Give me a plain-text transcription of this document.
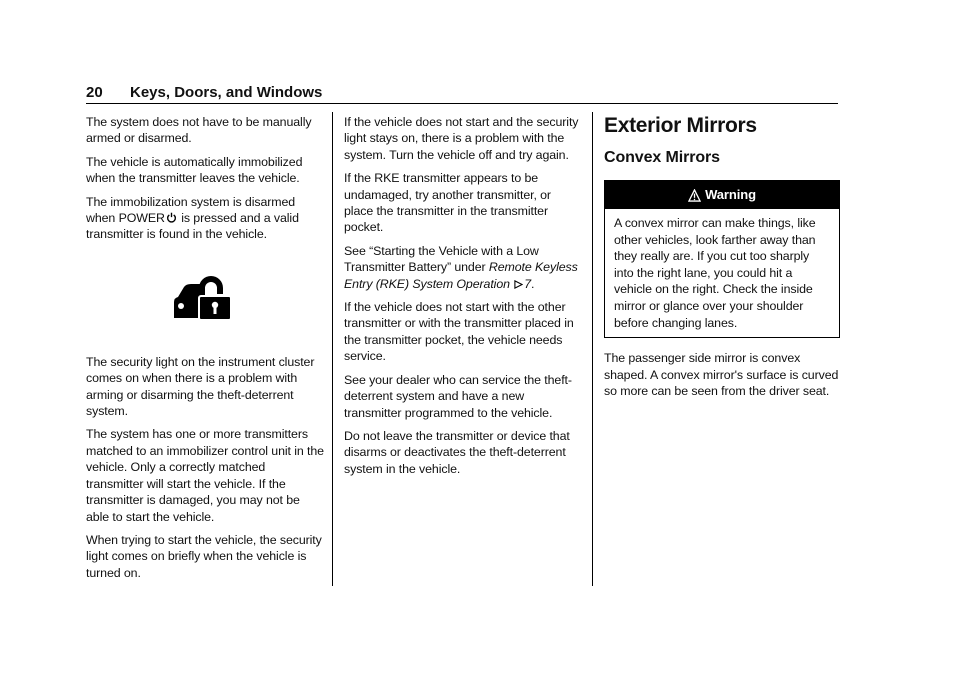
20 Keys, Doors, and Windows

The system does not have to be manually armed or disarmed.

The vehicle is automatically immobilized when the transmitter leaves the vehicle.

The immobilization system is disarmed when POWER is pressed and a valid transmitter is found in the vehicle.

The security light on the instrument cluster comes on when there is a problem with arming or disarming the theft-deterrent system.

The system has one or more transmitters matched to an immobilizer control unit in the vehicle. Only a correctly matched transmitter will start the vehicle. If the transmitter is damaged, you may not be able to start the vehicle.

When trying to start the vehicle, the security light comes on briefly when the vehicle is turned on.

If the vehicle does not start and the security light stays on, there is a problem with the system. Turn the vehicle off and try again.

If the RKE transmitter appears to be undamaged, try another transmitter, or place the transmitter in the transmitter pocket.

See “Starting the Vehicle with a Low Transmitter Battery” under Remote Keyless Entry (RKE) System Operation 7.

If the vehicle does not start with the other transmitter or with the transmitter placed in the transmitter pocket, the vehicle needs service.

See your dealer who can service the theft-deterrent system and have a new transmitter programmed to the vehicle.

Do not leave the transmitter or device that disarms or deactivates the theft-deterrent system in the vehicle.

Exterior Mirrors
Convex Mirrors
Warning
A convex mirror can make things, like other vehicles, look farther away than they really are. If you cut too sharply into the right lane, you could hit a vehicle on the right. Check the inside mirror or glance over your shoulder before changing lanes.

The passenger side mirror is convex shaped. A convex mirror's surface is curved so more can be seen from the driver seat.
